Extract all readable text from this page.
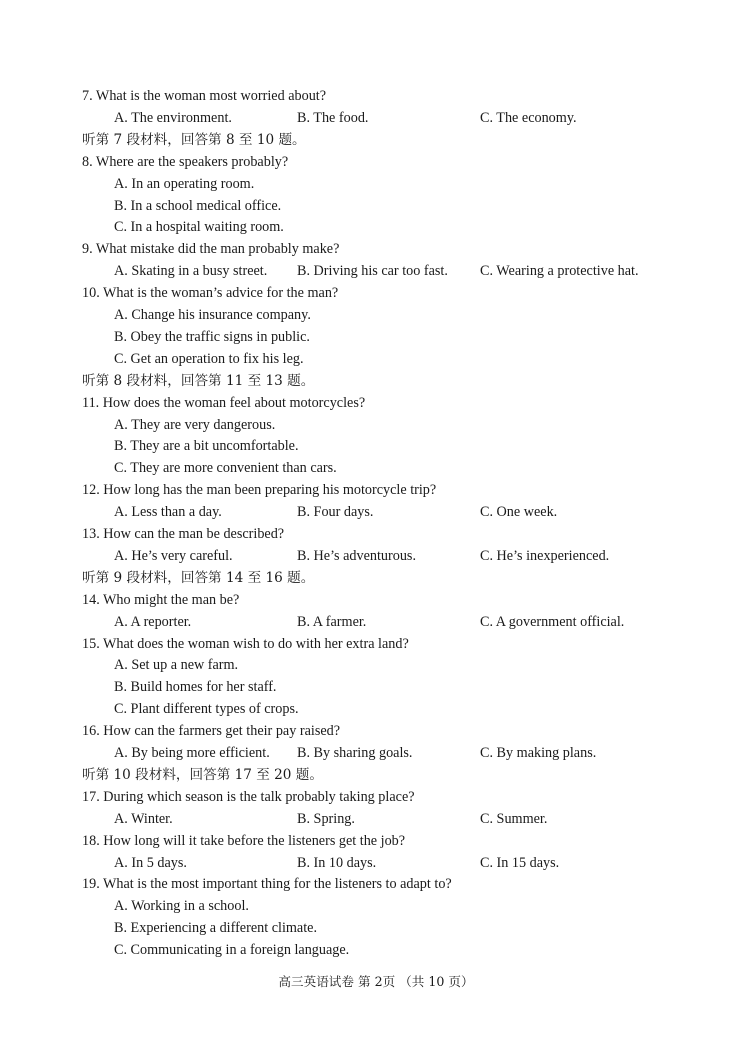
7. What is the woman most worried about?
A. The environment.	B. The food.	C. The economy.
听第 7 段材料，回答第 8 至 10 题。
8. Where are the speakers probably?
A. In an operating room.
B. In a school medical office.
C. In a hospital waiting room.
9. What mistake did the man probably make?
A. Skating in a busy street. B. Driving his car too fast. C. Wearing a protective hat.
10. What is the woman’s advice for the man?
A. Change his insurance company.
B. Obey the traffic signs in public.
C. Get an operation to fix his leg.
听第 8 段材料，回答第 11 至 13 题。
11. How does the woman feel about motorcycles?
A. They are very dangerous.
B. They are a bit uncomfortable.
C. They are more convenient than cars.
12. How long has the man been preparing his motorcycle trip?
A. Less than a day.	B. Four days.	C. One week.
13. How can the man be described?
A. He’s very careful.	B. He’s adventurous.	C. He’s inexperienced.
听第 9 段材料，回答第 14 至 16 题。
14. Who might the man be?
A. A reporter.	B. A farmer.	C. A government official.
15. What does the woman wish to do with her extra land?
A. Set up a new farm.
B. Build homes for her staff.
C. Plant different types of crops.
16. How can the farmers get their pay raised?
A. By being more efficient. B. By sharing goals.	C. By making plans.
听第 10 段材料，回答第 17 至 20 题。
17. During which season is the talk probably taking place?
A. Winter.	B. Spring.	C. Summer.
18. How long will it take before the listeners get the job?
A. In 5 days.	B. In 10 days.	C. In 15 days.
19. What is the most important thing for the listeners to adapt to?
A. Working in a school.
B. Experiencing a different climate.
C. Communicating in a foreign language.
高三英语试卷 第 2页 （共 10 页）
